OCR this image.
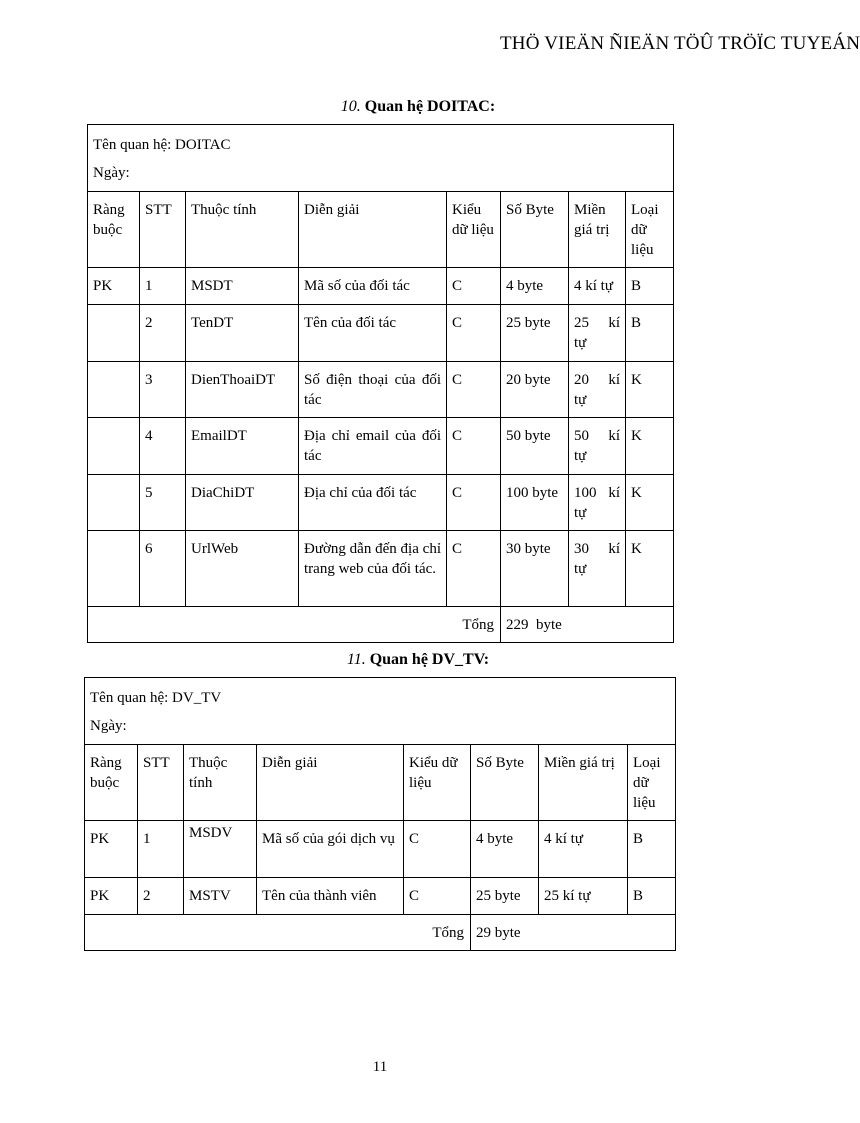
THÖ VIEÄN ÑIEÄN TÖÛ TRÖÏC TUYEÁN
10. Quan hệ DOITAC:
Tên quan hệ: DOITAC
Ngày:							

Ràng buộc	STT	Thuộc tính	Diễn giải	Kiểu dữ liệu	Số Byte	Miền giá trị	Loại dữ liệu
PK	1	MSDT	Mã số của đối tác	C	4 byte	4 kí tự	B
	2	TenDT	Tên của đối tác	C	25 byte	25 kí tự	B
	3	DienThoaiDT	Số điện thoại của đối tác	C	20 byte	20 kí tự	K
	4	EmailDT	Địa chỉ email của đối tác	C	50 byte	50 kí tự	K
	5	DiaChiDT	Địa chỉ của đối tác	C	100 byte	100 kí tự	K
	6	UrlWeb	Đường dẫn đến địa chỉ trang web của đối tác.	C	30 byte	30 kí tự	K
Tổng					229  byte		
11. Quan hệ DV_TV:
Tên quan hệ: DV_TV
Ngày:							

Ràng buộc	STT	Thuộc tính	Diễn giải	Kiểu dữ liệu	Số Byte	Miền giá trị	Loại dữ liệu
PK	1	MSDV	Mã số của gói dịch vụ	C	4 byte	4 kí tự	B
PK	2	MSTV	Tên của thành viên	C	25 byte	25 kí tự	B
Tổng					29 byte		
11
